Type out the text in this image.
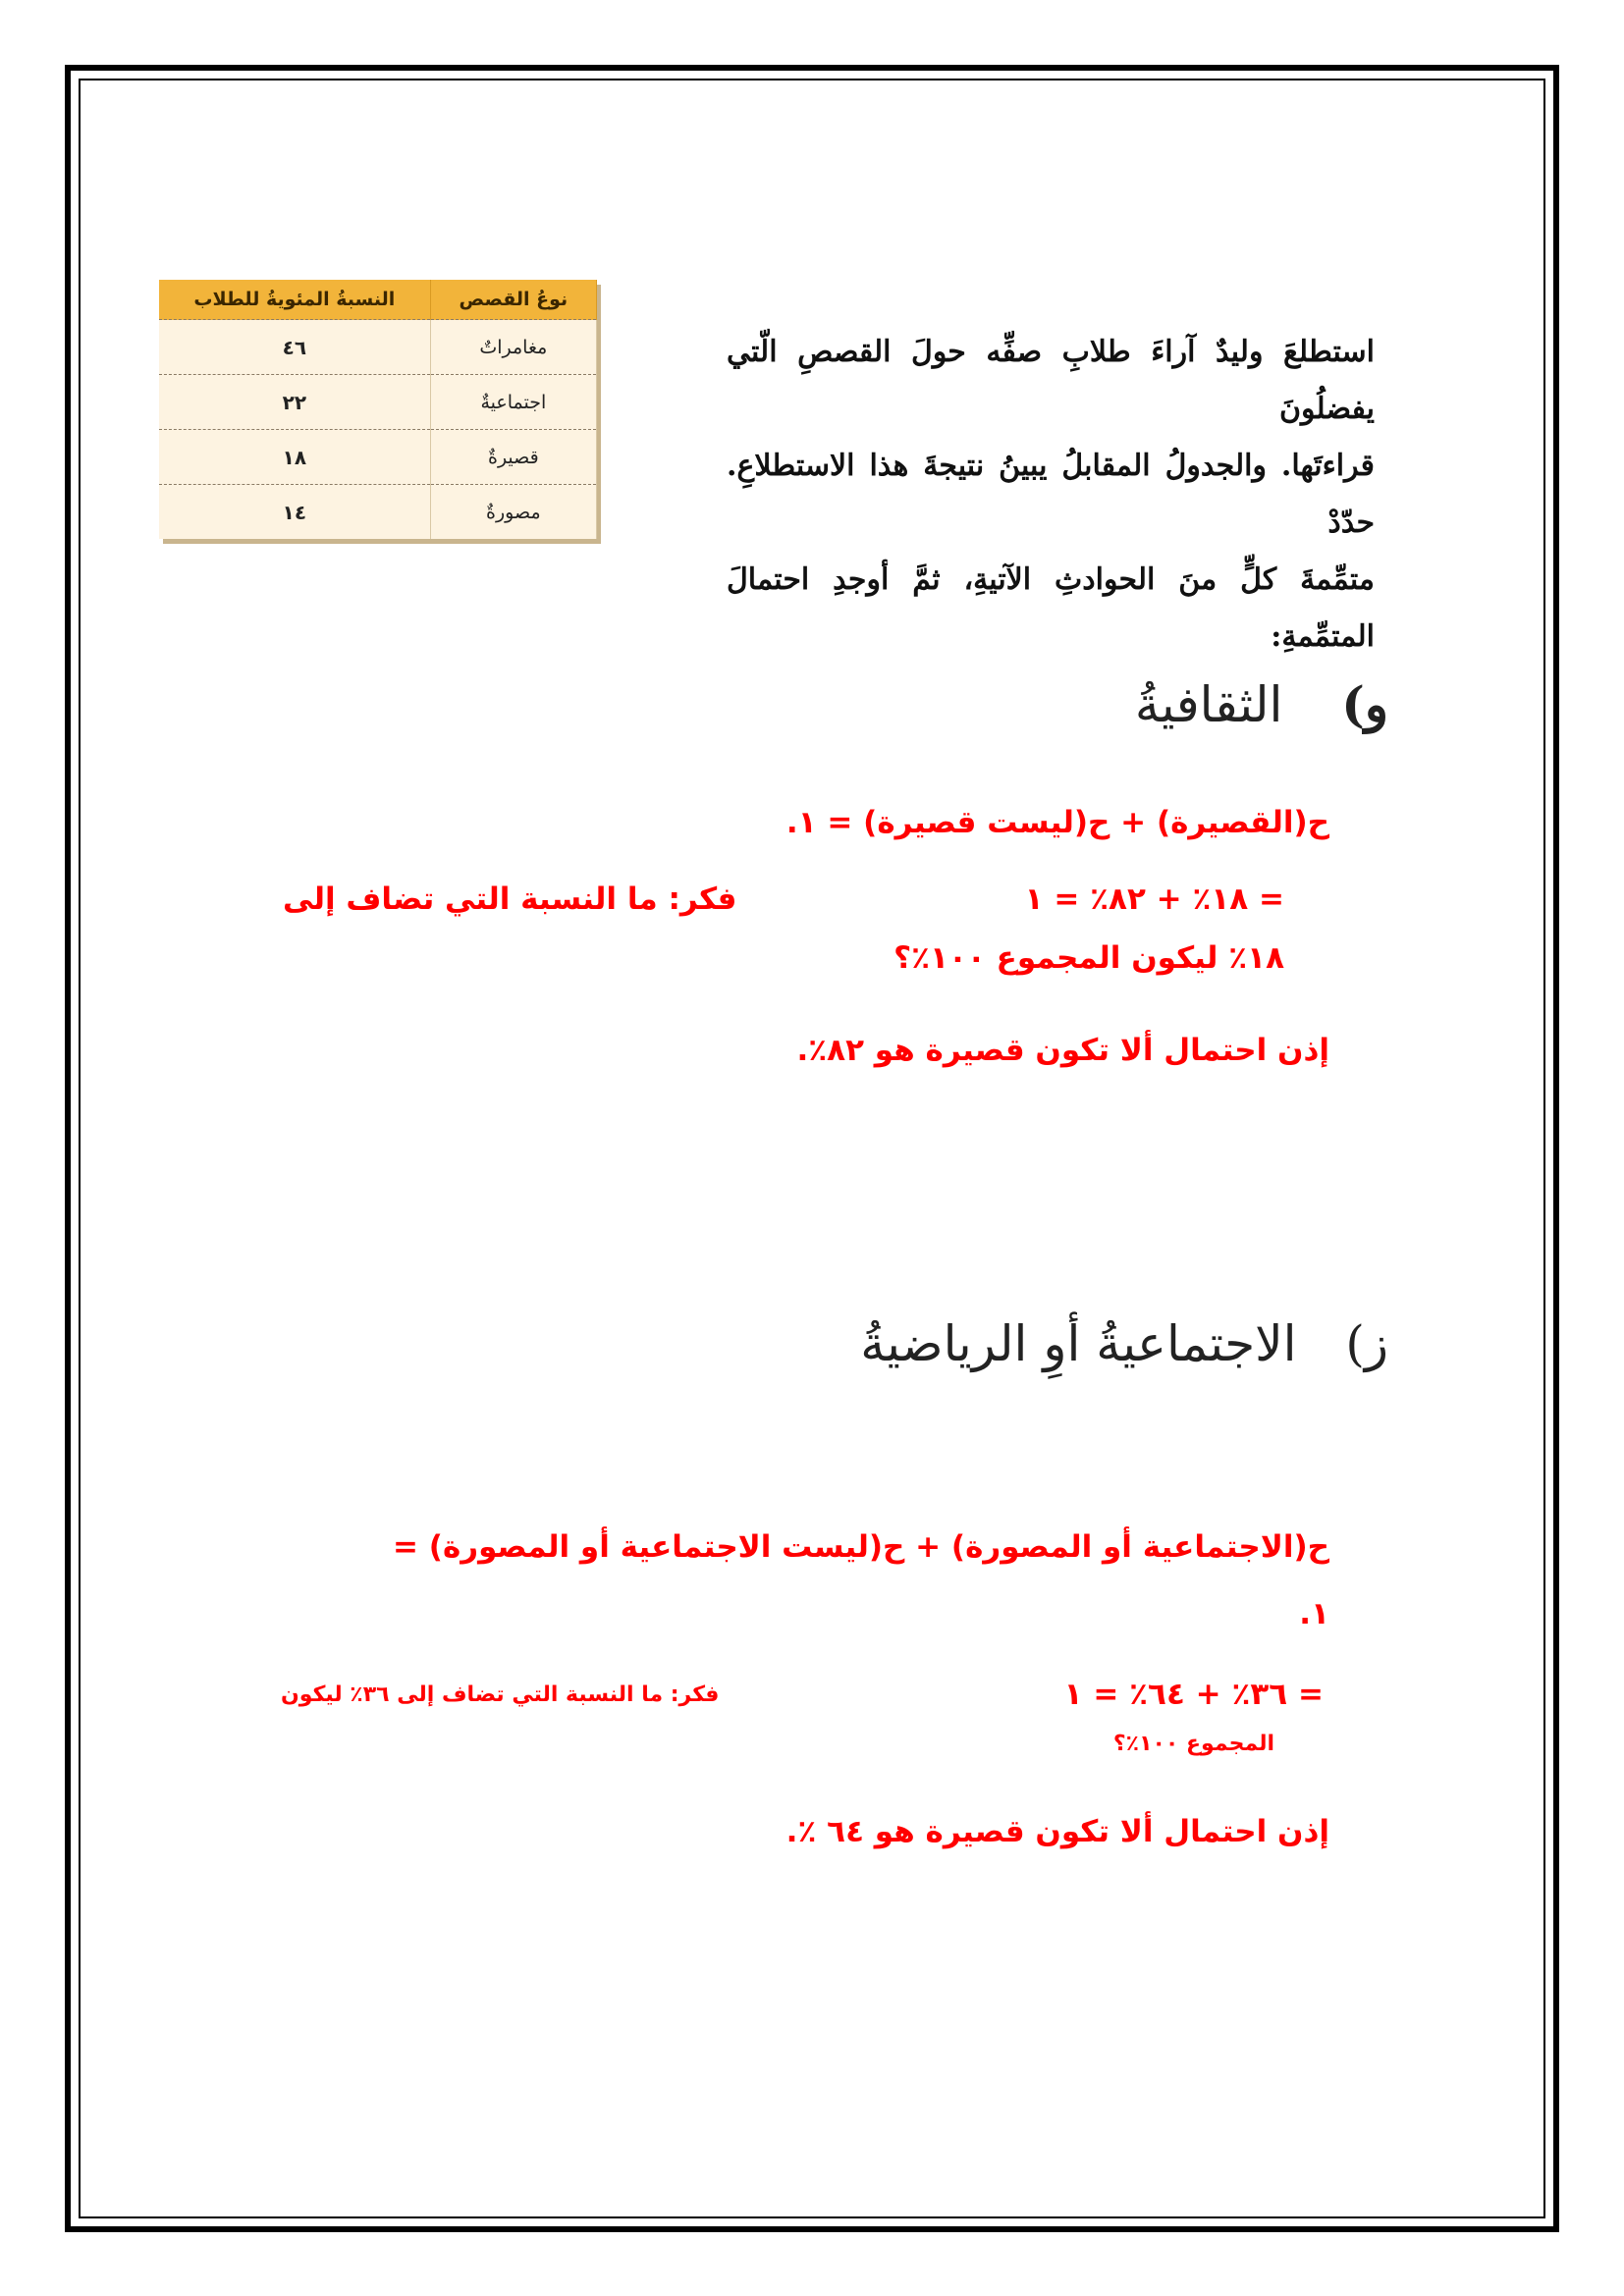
استطلعَ وليدٌ آراءَ طلابِ صفِّه حولَ القصصِ الّتي يفضلُونَ
قراءتَها. والجدولُ المقابلُ يبينُ نتيجةَ هذا الاستطلاعِ. حدّدْ
متمِّمةَ كلٍّ منَ الحوادثِ الآتيةِ، ثمَّ أوجدِ احتمالَ المتمِّمةِ:
النسبةُ المئويةُ للطلاب	نوعُ القصص
٤٦	مغامراتٌ
٢٢	اجتماعيةٌ
١٨	قصيرةٌ
١٤	مصورةٌ
و)  الثقافيةُ
ح(القصيرة) + ح(ليست قصيرة) = ١.
= ١٨٪ + ٨٢٪ = ١
فكر: ما النسبة التي تضاف إلى
١٨٪ ليكون المجموع ١٠٠٪؟
إذن احتمال ألا تكون قصيرة هو ٨٢٪.
ز)  الاجتماعيةُ أوِ الرياضيةُ
ح(الاجتماعية أو المصورة) + ح(ليست الاجتماعية أو المصورة) =
١.
= ٣٦٪ + ٦٤٪ = ١
فكر: ما النسبة التي تضاف إلى ٣٦٪ ليكون
المجموع ١٠٠٪؟
إذن احتمال ألا تكون قصيرة هو ٦٤ ٪.
